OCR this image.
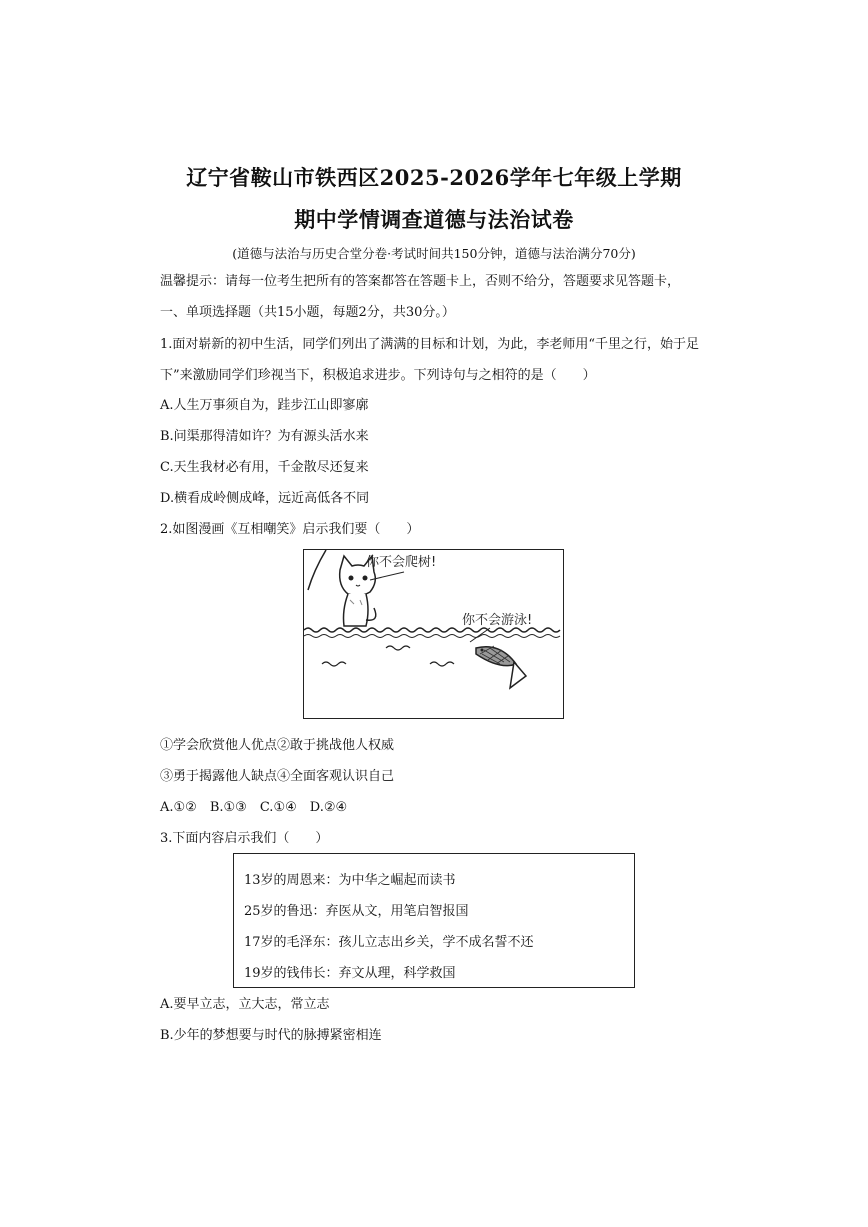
辽宁省鞍山市铁西区2025-2026学年七年级上学期
期中学情调查道德与法治试卷
(道德与法治与历史合堂分卷·考试时间共150分钟，道德与法治满分70分)
温馨提示：请每一位考生把所有的答案都答在答题卡上，否则不给分，答题要求见答题卡，
一、单项选择题（共15小题，每题2分，共30分。）
1.面对崭新的初中生活，同学们列出了满满的目标和计划，为此，李老师用“千里之行，始于足下”来激励同学们珍视当下，积极追求进步。下列诗句与之相符的是（　　）
A.人生万事须自为，跬步江山即寥廓
B.问渠那得清如许？为有源头活水来
C.天生我材必有用，千金散尽还复来
D.横看成岭侧成峰，远近高低各不同
2.如图漫画《互相嘲笑》启示我们要（　　）
你不会爬树!
你不会游泳!
①学会欣赏他人优点②敢于挑战他人权威
③勇于揭露他人缺点④全面客观认识自己
A.①②　B.①③　C.①④　D.②④
3.下面内容启示我们（　　）
13岁的周恩来：为中华之崛起而读书
25岁的鲁迅：弃医从文，用笔启智报国
17岁的毛泽东：孩儿立志出乡关，学不成名誓不还
19岁的钱伟长：弃文从理，科学救国
A.要早立志，立大志，常立志
B.少年的梦想要与时代的脉搏紧密相连
